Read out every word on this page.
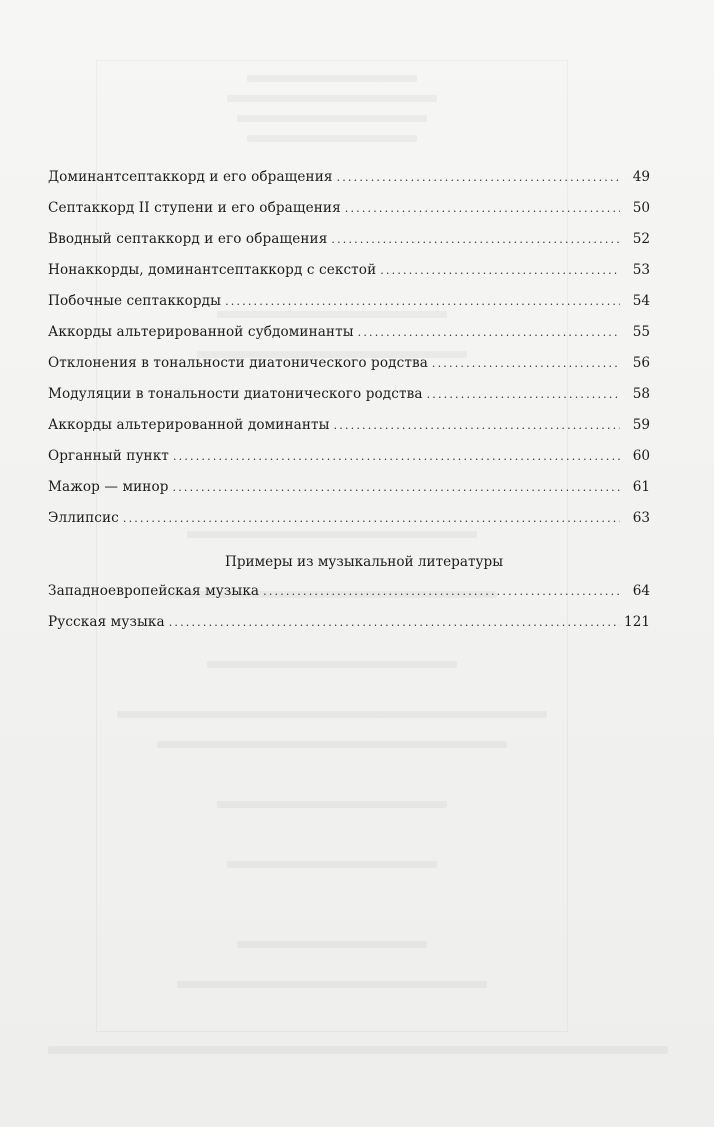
Доминантсептаккорд и его обращения .....	49
Септаккорд II ступени и его обращения .....	50
Вводный септаккорд и его обращения .....	52
Нонаккорды, доминантсептаккорд с секстой .....	53
Побочные септаккорды .....	54
Аккорды альтерированной субдоминанты .....	55
Отклонения в тональности диатонического родства .....	56
Модуляции в тональности диатонического родства .....	58
Аккорды альтерированной доминанты .....	59
Органный пункт .....	60
Мажор — минор .....	61
Эллипсис .....	63
Примеры из музыкальной литературы
Западноевропейская музыка .....	64
Русская музыка .....	121
